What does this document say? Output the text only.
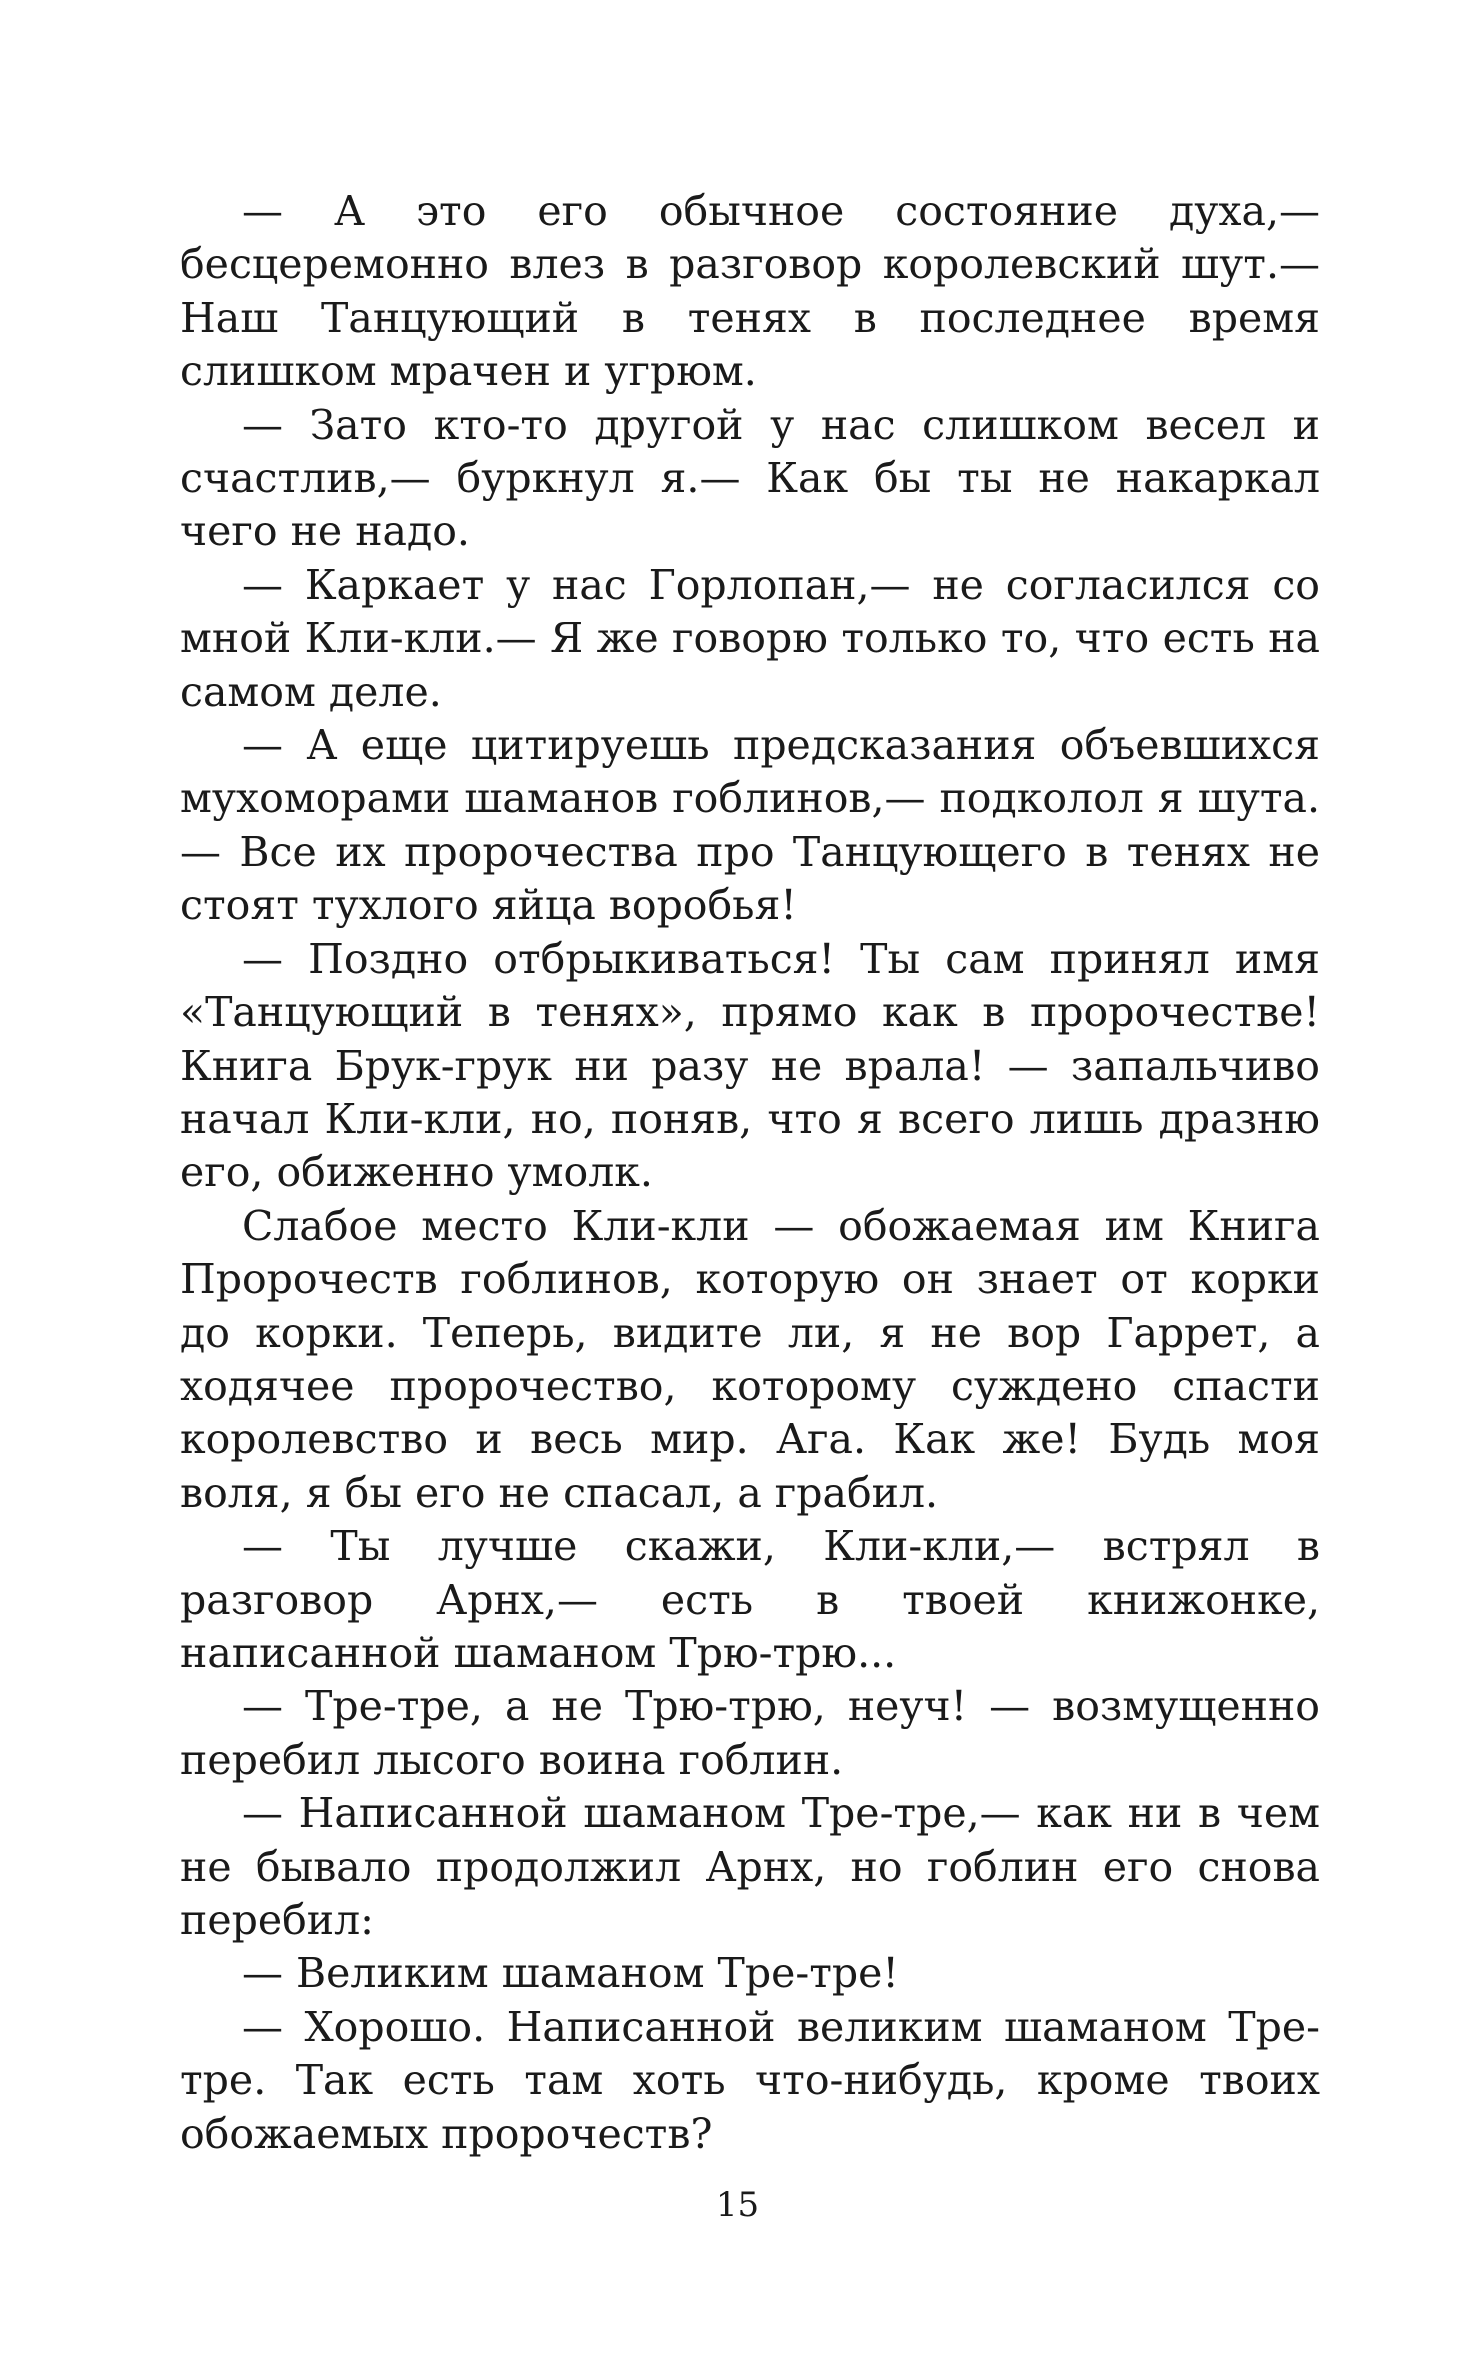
— А это его обычное состояние духа,— бесцеремонно влез в разговор королевский шут.— Наш Танцующий в тенях в последнее время слишком мрачен и угрюм.

— Зато кто-то другой у нас слишком весел и счастлив,— буркнул я.— Как бы ты не накаркал чего не надо.

— Каркает у нас Горлопан,— не согласился со мной Кли-кли.— Я же говорю только то, что есть на самом деле.

— А еще цитируешь предсказания объевшихся мухоморами шаманов гоблинов,— подколол я шута.— Все их пророчества про Танцующего в тенях не стоят тухлого яйца воробья!

— Поздно отбрыкиваться! Ты сам принял имя «Танцующий в тенях», прямо как в пророчестве! Книга Брук-грук ни разу не врала! — запальчиво начал Кли-кли, но, поняв, что я всего лишь дразню его, обиженно умолк.

Слабое место Кли-кли — обожаемая им Книга Пророчеств гоблинов, которую он знает от корки до корки. Теперь, видите ли, я не вор Гаррет, а ходячее пророчество, которому суждено спасти королевство и весь мир. Ага. Как же! Будь моя воля, я бы его не спасал, а грабил.

— Ты лучше скажи, Кли-кли,— встрял в разговор Арнх,— есть в твоей книжонке, написанной шаманом Трю-трю...

— Тре-тре, а не Трю-трю, неуч! — возмущенно перебил лысого воина гоблин.

— Написанной шаманом Тре-тре,— как ни в чем не бывало продолжил Арнх, но гоблин его снова перебил:

— Великим шаманом Тре-тре!

— Хорошо. Написанной великим шаманом Тре-тре. Так есть там хоть что-нибудь, кроме твоих обожаемых пророчеств?

15
